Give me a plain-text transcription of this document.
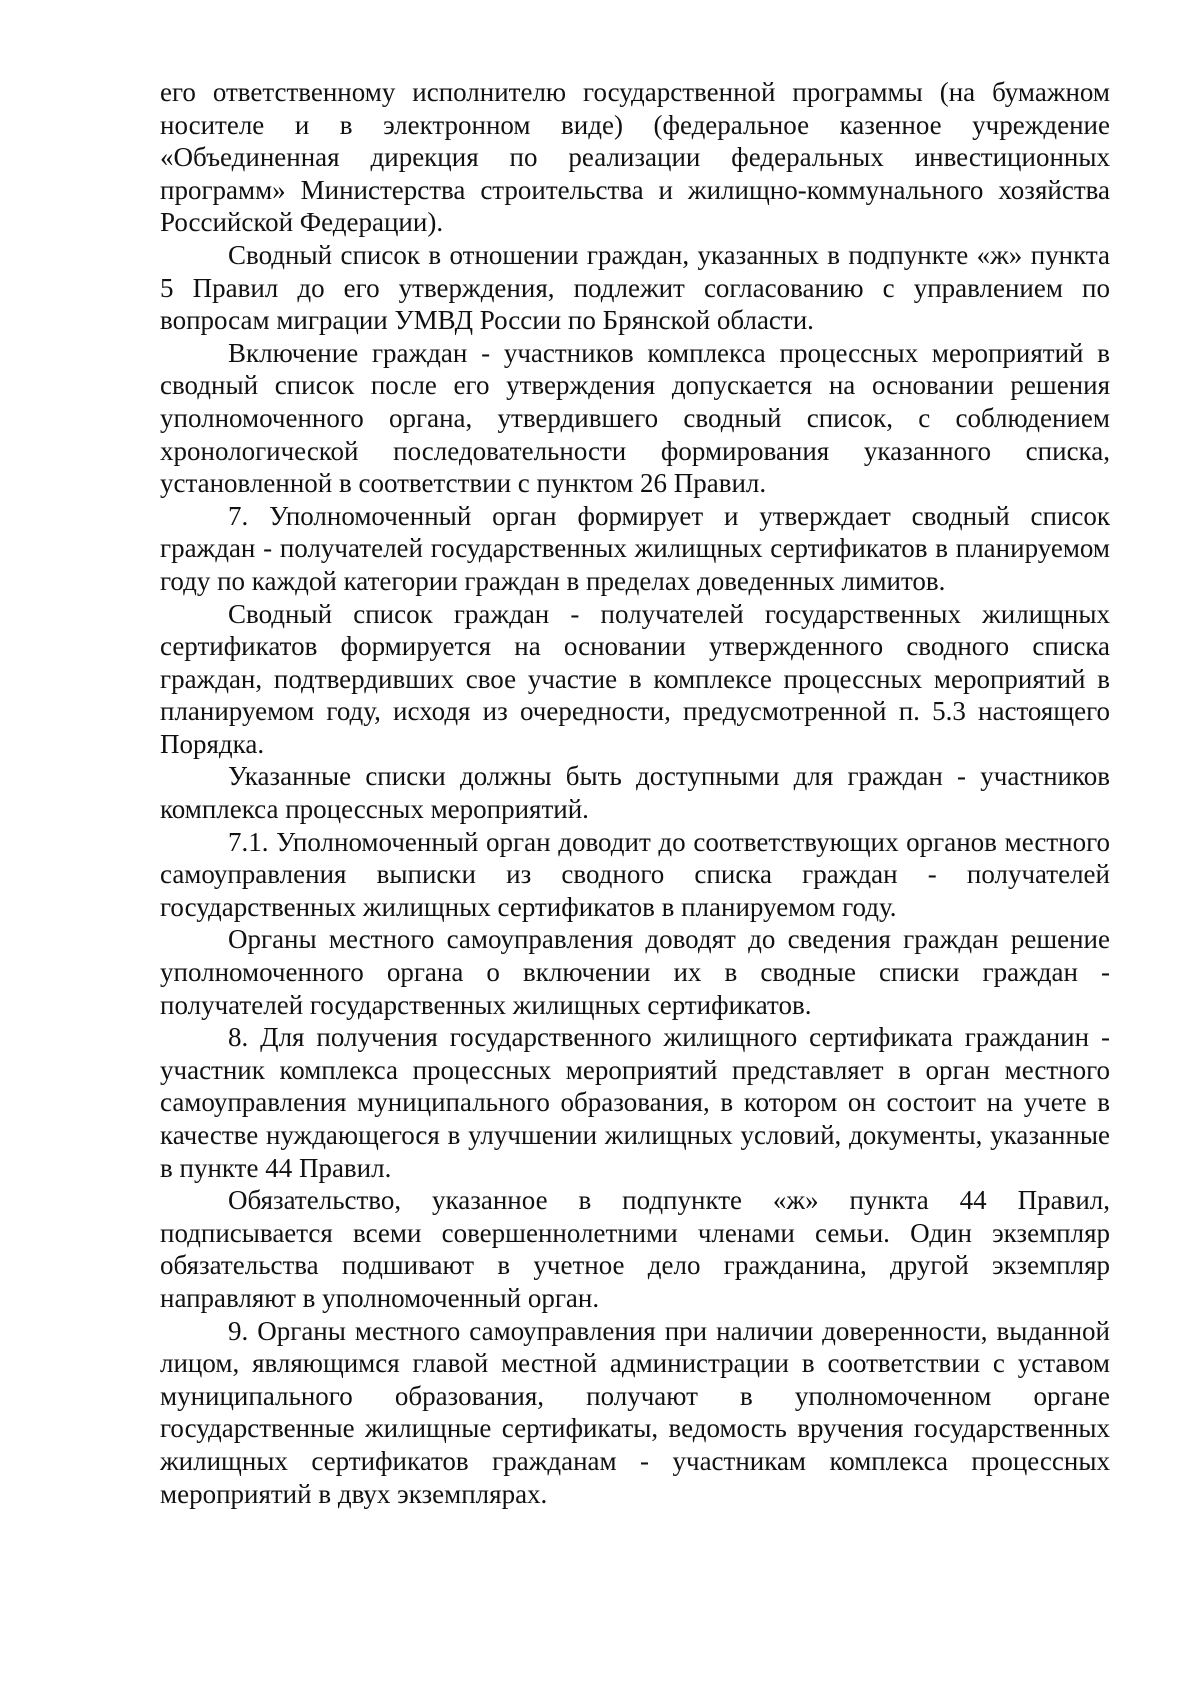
его ответственному исполнителю государственной программы (на бумажном носителе и в электронном виде) (федеральное казенное учреждение «Объединенная дирекция по реализации федеральных инвестиционных программ» Министерства строительства и жилищно-коммунального хозяйства Российской Федерации).

Сводный список в отношении граждан, указанных в подпункте «ж» пункта 5 Правил до его утверждения, подлежит согласованию с управлением по вопросам миграции УМВД России по Брянской области.

Включение граждан - участников комплекса процессных мероприятий в сводный список после его утверждения допускается на основании решения уполномоченного органа, утвердившего сводный список, с соблюдением хронологической последовательности формирования указанного списка, установленной в соответствии с пунктом 26 Правил.

7. Уполномоченный орган формирует и утверждает сводный список граждан - получателей государственных жилищных сертификатов в планируемом году по каждой категории граждан в пределах доведенных лимитов.

Сводный список граждан - получателей государственных жилищных сертификатов формируется на основании утвержденного сводного списка граждан, подтвердивших свое участие в комплексе процессных мероприятий в планируемом году, исходя из очередности, предусмотренной п. 5.3 настоящего Порядка.

Указанные списки должны быть доступными для граждан - участников комплекса процессных мероприятий.

7.1. Уполномоченный орган доводит до соответствующих органов местного самоуправления выписки из сводного списка граждан - получателей государственных жилищных сертификатов в планируемом году.

Органы местного самоуправления доводят до сведения граждан решение уполномоченного органа о включении их в сводные списки граждан - получателей государственных жилищных сертификатов.

8. Для получения государственного жилищного сертификата гражданин - участник комплекса процессных мероприятий представляет в орган местного самоуправления муниципального образования, в котором он состоит на учете в качестве нуждающегося в улучшении жилищных условий, документы, указанные в пункте 44 Правил.

Обязательство, указанное в подпункте «ж» пункта 44 Правил, подписывается всеми совершеннолетними членами семьи. Один экземпляр обязательства подшивают в учетное дело гражданина, другой экземпляр направляют в уполномоченный орган.

9. Органы местного самоуправления при наличии доверенности, выданной лицом, являющимся главой местной администрации в соответствии с уставом муниципального образования, получают в уполномоченном органе государственные жилищные сертификаты, ведомость вручения государственных жилищных сертификатов гражданам - участникам комплекса процессных мероприятий в двух экземплярах.
